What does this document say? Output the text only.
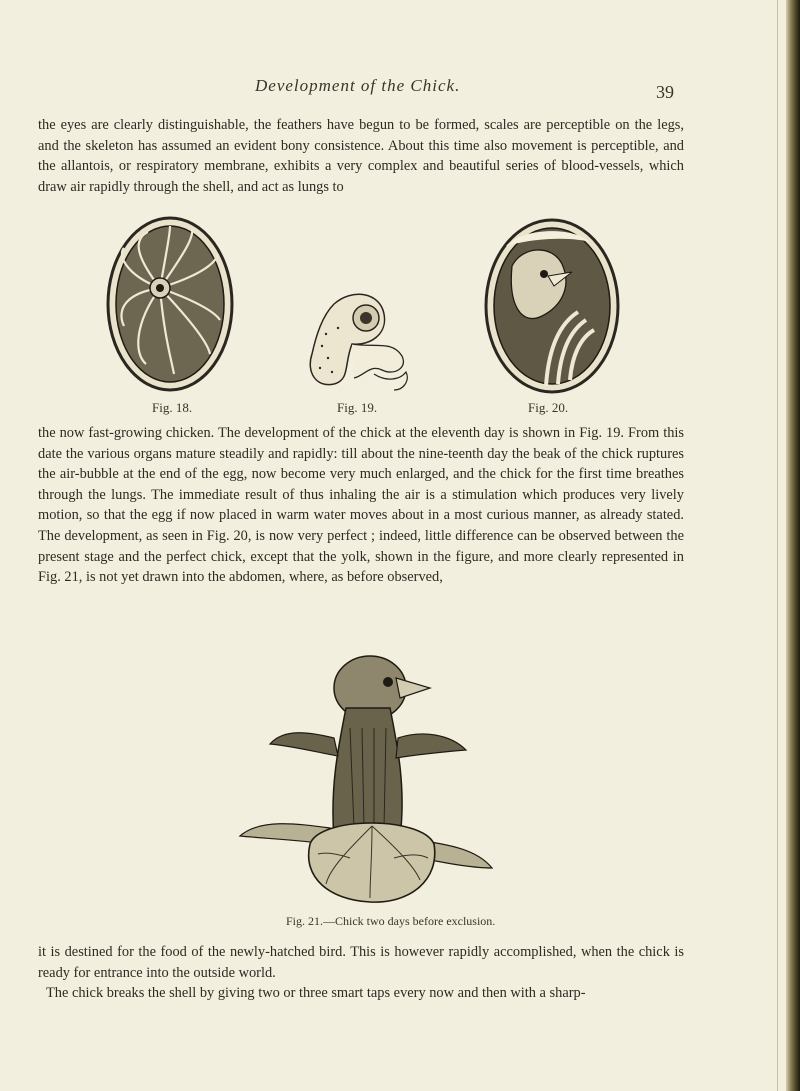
Development of the Chick.	39
the eyes are clearly distinguishable, the feathers have begun to be formed, scales are perceptible on the legs, and the skeleton has assumed an evident bony consistence. About this time also movement is perceptible, and the allantois, or respiratory membrane, exhibits a very complex and beautiful series of blood-vessels, which draw air rapidly through the shell, and act as lungs to
Fig. 18.	Fig. 19.	Fig. 20.
the now fast-growing chicken. The development of the chick at the eleventh day is shown in Fig. 19. From this date the various organs mature steadily and rapidly: till about the nine-teenth day the beak of the chick ruptures the air-bubble at the end of the egg, now become very much enlarged, and the chick for the first time breathes through the lungs. The immediate result of thus inhaling the air is a stimulation which produces very lively motion, so that the egg if now placed in warm water moves about in a most curious manner, as already stated. The development, as seen in Fig. 20, is now very perfect ; indeed, little difference can be observed between the present stage and the perfect chick, except that the yolk, shown in the figure, and more clearly represented in Fig. 21, is not yet drawn into the abdomen, where, as before observed,
Fig. 21.—Chick two days before exclusion.
it is destined for the food of the newly-hatched bird. This is however rapidly accomplished, when the chick is ready for entrance into the outside world.
The chick breaks the shell by giving two or three smart taps every now and then with a sharp-
